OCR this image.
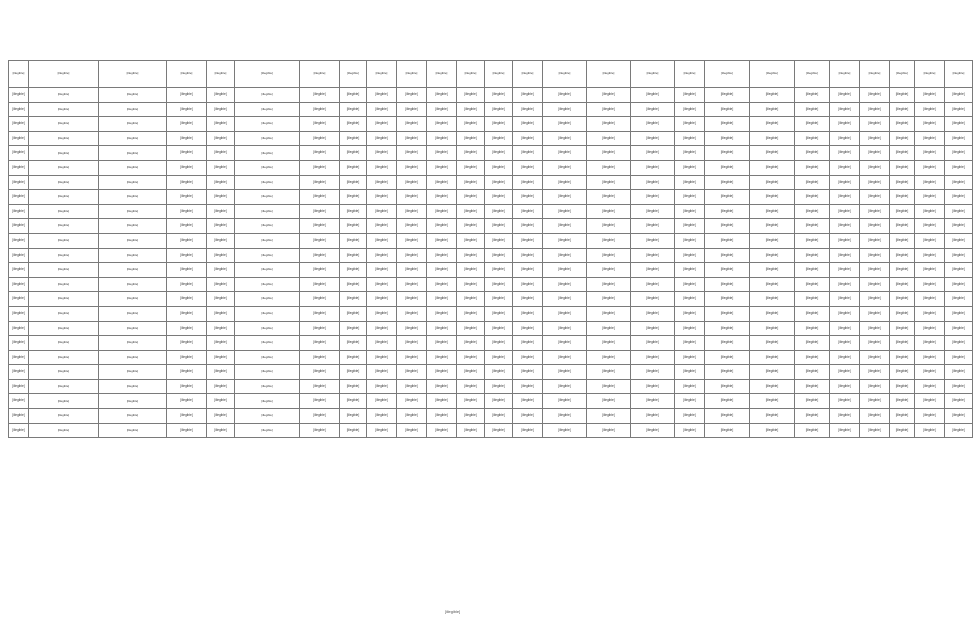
[illegible]	[illegible]	[illegible]	[illegible]	[illegible]	[illegible]	[illegible]	[illegible]	[illegible]	[illegible]	[illegible]	[illegible]	[illegible]	[illegible]	[illegible]	[illegible]	[illegible]	[illegible]	[illegible]	[illegible]	[illegible]	[illegible]	[illegible]	[illegible]	[illegible]	[illegible]
[illegible]	[illegible]	[illegible]	[illegible]	[illegible]	[illegible]	[illegible]	[illegible]	[illegible]	[illegible]	[illegible]	[illegible]	[illegible]	[illegible]	[illegible]	[illegible]	[illegible]	[illegible]	[illegible]	[illegible]	[illegible]	[illegible]	[illegible]	[illegible]	[illegible]	[illegible]
[illegible]	[illegible]	[illegible]	[illegible]	[illegible]	[illegible]	[illegible]	[illegible]	[illegible]	[illegible]	[illegible]	[illegible]	[illegible]	[illegible]	[illegible]	[illegible]	[illegible]	[illegible]	[illegible]	[illegible]	[illegible]	[illegible]	[illegible]	[illegible]	[illegible]	[illegible]
[illegible]	[illegible]	[illegible]	[illegible]	[illegible]	[illegible]	[illegible]	[illegible]	[illegible]	[illegible]	[illegible]	[illegible]	[illegible]	[illegible]	[illegible]	[illegible]	[illegible]	[illegible]	[illegible]	[illegible]	[illegible]	[illegible]	[illegible]	[illegible]	[illegible]	[illegible]
[illegible]	[illegible]	[illegible]	[illegible]	[illegible]	[illegible]	[illegible]	[illegible]	[illegible]	[illegible]	[illegible]	[illegible]	[illegible]	[illegible]	[illegible]	[illegible]	[illegible]	[illegible]	[illegible]	[illegible]	[illegible]	[illegible]	[illegible]	[illegible]	[illegible]	[illegible]
[illegible]	[illegible]	[illegible]	[illegible]	[illegible]	[illegible]	[illegible]	[illegible]	[illegible]	[illegible]	[illegible]	[illegible]	[illegible]	[illegible]	[illegible]	[illegible]	[illegible]	[illegible]	[illegible]	[illegible]	[illegible]	[illegible]	[illegible]	[illegible]	[illegible]	[illegible]
[illegible]	[illegible]	[illegible]	[illegible]	[illegible]	[illegible]	[illegible]	[illegible]	[illegible]	[illegible]	[illegible]	[illegible]	[illegible]	[illegible]	[illegible]	[illegible]	[illegible]	[illegible]	[illegible]	[illegible]	[illegible]	[illegible]	[illegible]	[illegible]	[illegible]	[illegible]
[illegible]	[illegible]	[illegible]	[illegible]	[illegible]	[illegible]	[illegible]	[illegible]	[illegible]	[illegible]	[illegible]	[illegible]	[illegible]	[illegible]	[illegible]	[illegible]	[illegible]	[illegible]	[illegible]	[illegible]	[illegible]	[illegible]	[illegible]	[illegible]	[illegible]	[illegible]
[illegible]	[illegible]	[illegible]	[illegible]	[illegible]	[illegible]	[illegible]	[illegible]	[illegible]	[illegible]	[illegible]	[illegible]	[illegible]	[illegible]	[illegible]	[illegible]	[illegible]	[illegible]	[illegible]	[illegible]	[illegible]	[illegible]	[illegible]	[illegible]	[illegible]	[illegible]
[illegible]	[illegible]	[illegible]	[illegible]	[illegible]	[illegible]	[illegible]	[illegible]	[illegible]	[illegible]	[illegible]	[illegible]	[illegible]	[illegible]	[illegible]	[illegible]	[illegible]	[illegible]	[illegible]	[illegible]	[illegible]	[illegible]	[illegible]	[illegible]	[illegible]	[illegible]
[illegible]	[illegible]	[illegible]	[illegible]	[illegible]	[illegible]	[illegible]	[illegible]	[illegible]	[illegible]	[illegible]	[illegible]	[illegible]	[illegible]	[illegible]	[illegible]	[illegible]	[illegible]	[illegible]	[illegible]	[illegible]	[illegible]	[illegible]	[illegible]	[illegible]	[illegible]
[illegible]	[illegible]	[illegible]	[illegible]	[illegible]	[illegible]	[illegible]	[illegible]	[illegible]	[illegible]	[illegible]	[illegible]	[illegible]	[illegible]	[illegible]	[illegible]	[illegible]	[illegible]	[illegible]	[illegible]	[illegible]	[illegible]	[illegible]	[illegible]	[illegible]	[illegible]
[illegible]	[illegible]	[illegible]	[illegible]	[illegible]	[illegible]	[illegible]	[illegible]	[illegible]	[illegible]	[illegible]	[illegible]	[illegible]	[illegible]	[illegible]	[illegible]	[illegible]	[illegible]	[illegible]	[illegible]	[illegible]	[illegible]	[illegible]	[illegible]	[illegible]	[illegible]
[illegible]	[illegible]	[illegible]	[illegible]	[illegible]	[illegible]	[illegible]	[illegible]	[illegible]	[illegible]	[illegible]	[illegible]	[illegible]	[illegible]	[illegible]	[illegible]	[illegible]	[illegible]	[illegible]	[illegible]	[illegible]	[illegible]	[illegible]	[illegible]	[illegible]	[illegible]
[illegible]	[illegible]	[illegible]	[illegible]	[illegible]	[illegible]	[illegible]	[illegible]	[illegible]	[illegible]	[illegible]	[illegible]	[illegible]	[illegible]	[illegible]	[illegible]	[illegible]	[illegible]	[illegible]	[illegible]	[illegible]	[illegible]	[illegible]	[illegible]	[illegible]	[illegible]
[illegible]	[illegible]	[illegible]	[illegible]	[illegible]	[illegible]	[illegible]	[illegible]	[illegible]	[illegible]	[illegible]	[illegible]	[illegible]	[illegible]	[illegible]	[illegible]	[illegible]	[illegible]	[illegible]	[illegible]	[illegible]	[illegible]	[illegible]	[illegible]	[illegible]	[illegible]
[illegible]	[illegible]	[illegible]	[illegible]	[illegible]	[illegible]	[illegible]	[illegible]	[illegible]	[illegible]	[illegible]	[illegible]	[illegible]	[illegible]	[illegible]	[illegible]	[illegible]	[illegible]	[illegible]	[illegible]	[illegible]	[illegible]	[illegible]	[illegible]	[illegible]	[illegible]
[illegible]	[illegible]	[illegible]	[illegible]	[illegible]	[illegible]	[illegible]	[illegible]	[illegible]	[illegible]	[illegible]	[illegible]	[illegible]	[illegible]	[illegible]	[illegible]	[illegible]	[illegible]	[illegible]	[illegible]	[illegible]	[illegible]	[illegible]	[illegible]	[illegible]	[illegible]
[illegible]	[illegible]	[illegible]	[illegible]	[illegible]	[illegible]	[illegible]	[illegible]	[illegible]	[illegible]	[illegible]	[illegible]	[illegible]	[illegible]	[illegible]	[illegible]	[illegible]	[illegible]	[illegible]	[illegible]	[illegible]	[illegible]	[illegible]	[illegible]	[illegible]	[illegible]
[illegible]	[illegible]	[illegible]	[illegible]	[illegible]	[illegible]	[illegible]	[illegible]	[illegible]	[illegible]	[illegible]	[illegible]	[illegible]	[illegible]	[illegible]	[illegible]	[illegible]	[illegible]	[illegible]	[illegible]	[illegible]	[illegible]	[illegible]	[illegible]	[illegible]	[illegible]
[illegible]	[illegible]	[illegible]	[illegible]	[illegible]	[illegible]	[illegible]	[illegible]	[illegible]	[illegible]	[illegible]	[illegible]	[illegible]	[illegible]	[illegible]	[illegible]	[illegible]	[illegible]	[illegible]	[illegible]	[illegible]	[illegible]	[illegible]	[illegible]	[illegible]	[illegible]
[illegible]	[illegible]	[illegible]	[illegible]	[illegible]	[illegible]	[illegible]	[illegible]	[illegible]	[illegible]	[illegible]	[illegible]	[illegible]	[illegible]	[illegible]	[illegible]	[illegible]	[illegible]	[illegible]	[illegible]	[illegible]	[illegible]	[illegible]	[illegible]	[illegible]	[illegible]
[illegible]	[illegible]	[illegible]	[illegible]	[illegible]	[illegible]	[illegible]	[illegible]	[illegible]	[illegible]	[illegible]	[illegible]	[illegible]	[illegible]	[illegible]	[illegible]	[illegible]	[illegible]	[illegible]	[illegible]	[illegible]	[illegible]	[illegible]	[illegible]	[illegible]	[illegible]
[illegible]	[illegible]	[illegible]	[illegible]	[illegible]	[illegible]	[illegible]	[illegible]	[illegible]	[illegible]	[illegible]	[illegible]	[illegible]	[illegible]	[illegible]	[illegible]	[illegible]	[illegible]	[illegible]	[illegible]	[illegible]	[illegible]	[illegible]	[illegible]	[illegible]	[illegible]
[illegible]	[illegible]	[illegible]	[illegible]	[illegible]	[illegible]	[illegible]	[illegible]	[illegible]	[illegible]	[illegible]	[illegible]	[illegible]	[illegible]	[illegible]	[illegible]	[illegible]	[illegible]	[illegible]	[illegible]	[illegible]	[illegible]	[illegible]	[illegible]	[illegible]	[illegible]
[illegible]
